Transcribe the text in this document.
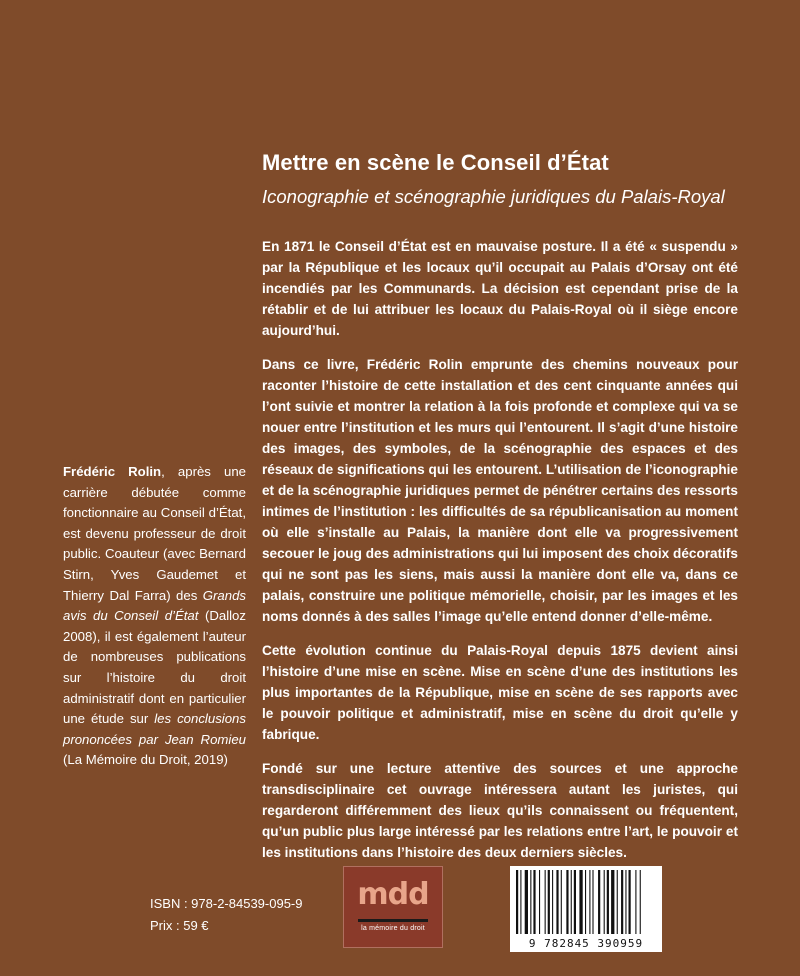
Mettre en scène le Conseil d’État
Iconographie et scénographie juridiques du Palais-Royal

En 1871 le Conseil d’État est en mauvaise posture. Il a été « suspendu » par la République et les locaux qu’il occupait au Palais d’Orsay ont été incendiés par les Communards. La décision est cependant prise de la rétablir et de lui attribuer les locaux du Palais-Royal où il siège encore aujourd’hui.

Dans ce livre, Frédéric Rolin emprunte des chemins nouveaux pour raconter l’histoire de cette installation et des cent cinquante années qui l’ont suivie et montrer la relation à la fois profonde et complexe qui va se nouer entre l’institution et les murs qui l’entourent. Il s’agit d’une histoire des images, des symboles, de la scénographie des espaces et des réseaux de significations qui les entourent. L’utilisation de l’iconographie et de la scénographie juridiques permet de pénétrer certains des ressorts intimes de l’institution : les difficultés de sa républicanisation au moment où elle s’installe au Palais, la manière dont elle va progressivement secouer le joug des administrations qui lui imposent des choix décoratifs qui ne sont pas les siens, mais aussi la manière dont elle va, dans ce palais, construire une politique mémorielle, choisir, par les images et les noms donnés à des salles l’image qu’elle entend donner d’elle-même.

Cette évolution continue du Palais-Royal depuis 1875 devient ainsi l’histoire d’une mise en scène. Mise en scène d’une des institutions les plus importantes de la République, mise en scène de ses rapports avec le pouvoir politique et administratif, mise en scène du droit qu’elle y fabrique.

Fondé sur une lecture attentive des sources et une approche transdisciplinaire cet ouvrage intéressera autant les juristes, qui regarderont différemment des lieux qu’ils connaissent ou fréquentent, qu’un public plus large intéressé par les relations entre l’art, le pouvoir et les institutions dans l’histoire des deux derniers siècles.

Frédéric Rolin, après une carrière débutée comme fonctionnaire au Conseil d’État, est devenu professeur de droit public. Coauteur (avec Bernard Stirn, Yves Gaudemet et Thierry Dal Farra) des Grands avis du Conseil d’État (Dalloz 2008), il est également l’auteur de nombreuses publications sur l’histoire du droit administratif dont en particulier une étude sur les conclusions prononcées par Jean Romieu (La Mémoire du Droit, 2019)
ISBN : 978-2-84539-095-9
Prix : 59 €
mdd
la mémoire du droit
9 782845 390959
